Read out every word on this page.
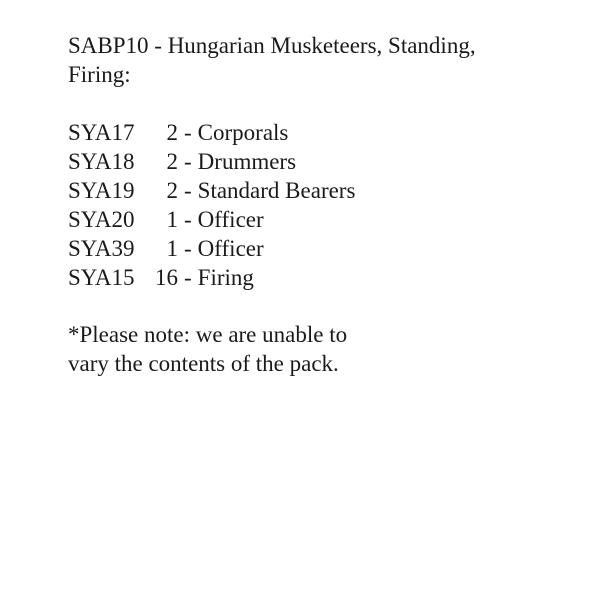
SABP10 - Hungarian Musketeers, Standing,
Firing:
SYA17 2 - Corporals
SYA18 2 - Drummers
SYA19 2 - Standard Bearers
SYA20 1 - Officer
SYA39 1 - Officer
SYA15 16 - Firing

*Please note: we are unable to

vary the contents of the pack.
